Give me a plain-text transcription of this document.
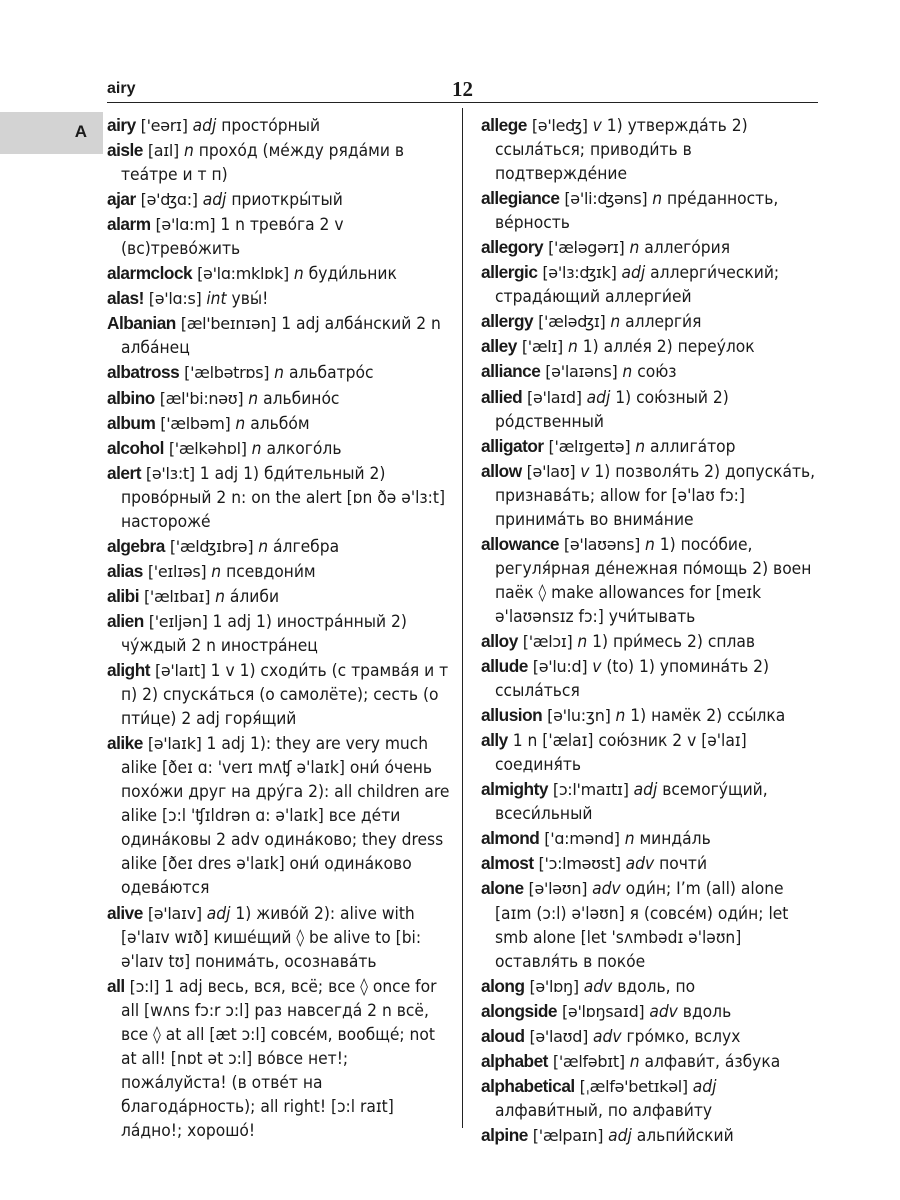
airy	12
A airy ['eərɪ] adj просто́рный

aisle [aɪl] n прохо́д (ме́жду ряда́ми в теа́тре и т п)

ajar [ə'ʤɑ:] adj приоткры́тый

alarm [ə'lɑ:m] 1 n трево́га 2 v (вс)трево́жить

alarmclock [ə'lɑ:mklɒk] n буди́льник

alas! [ə'lɑ:s] int увы́!

Albanian [æl'beɪnɪən] 1 adj алба́нский 2 n алба́нец

albatross ['ælbətrɒs] n альбатро́с

albino [æl'bi:nəʊ] n альбино́с

album ['ælbəm] n альбо́м

alcohol ['ælkəhɒl] n алкого́ль

alert [ə'lɜ:t] 1 adj 1) бди́тельный 2) прово́рный 2 n: on the alert [ɒn ðə ə'lɜ:t] настороже́

algebra ['ælʤɪbrə] n а́лгебра

alias ['eɪlɪəs] n псевдони́м

alibi ['ælɪbaɪ] n а́либи

alien ['eɪljən] 1 adj 1) иностра́нный 2) чу́ждый 2 n иностра́нец

alight [ə'laɪt] 1 v 1) сходи́ть (с трамва́я и т п) 2) спуска́ться (о самолёте); сесть (о пти́це) 2 adj горя́щий

alike [ə'laɪk] 1 adj 1): they are very much alike [ðeɪ ɑ: 'verɪ mʌʧ ə'laɪk] они́ о́чень похо́жи друг на дру́га 2): all children are alike [ɔ:l 'ʧɪldrən ɑ: ə'laɪk] все де́ти одина́ковы 2 adv одина́ково; they dress alike [ðeɪ dres ə'laɪk] они́ одина́ково одева́ются

alive [ə'laɪv] adj 1) живо́й 2): alive with [ə'laɪv wɪð] кише́щий ◊ be alive to [bi: ə'laɪv tʊ] понима́ть, осознава́ть

all [ɔ:l] 1 adj весь, вся, всё; все ◊ once for all [wʌns fɔ:r ɔ:l] раз навсегда́ 2 n всё, все ◊ at all [æt ɔ:l] совсе́м, вообще́; not at all! [nɒt ət ɔ:l] во́все нет!; пожа́луйста! (в отве́т на благода́рность); all right! [ɔ:l raɪt] ла́дно!; хорошо́!

allege [ə'leʤ] v 1) утвержда́ть 2) ссыла́ться; приводи́ть в подтвержде́ние

allegiance [ə'li:ʤəns] n пре́данность, ве́рность

allegory ['ælәgәrɪ] n аллего́рия

allergic [ə'lɜ:ʤɪk] adj аллерги́ческий; страда́ющий аллерги́ей

allergy ['æləʤɪ] n аллерги́я

alley ['ælɪ] n 1) алле́я 2) переу́лок

alliance [ə'laɪəns] n сою́з

allied [ə'laɪd] adj 1) сою́зный 2) ро́дственный

alligator ['ælɪgeɪtə] n аллига́тор

allow [ə'laʊ] v 1) позволя́ть 2) допуска́ть, признава́ть; allow for [ə'laʊ fɔ:] принима́ть во внима́ние

allowance [ə'laʊəns] n 1) посо́бие, регуля́рная де́нежная по́мощь 2) воен паёк ◊ make allowances for [meɪk ə'laʊənsɪz fɔ:] учи́тывать

alloy ['ælɔɪ] n 1) при́месь 2) сплав

allude [ə'lu:d] v (to) 1) упомина́ть 2) ссыла́ться

allusion [ə'lu:ʒn] n 1) намёк 2) ссы́лка

ally 1 n ['ælaɪ] сою́зник 2 v [ə'laɪ] соединя́ть

almighty [ɔ:l'maɪtɪ] adj всемогу́щий, всеси́льный

almond ['ɑ:mənd] n минда́ль

almost ['ɔ:lməʊst] adv почти́

alone [ə'ləʊn] adv оди́н; I’m (all) alone [aɪm (ɔ:l) ə'ləʊn] я (совсе́м) оди́н; let smb alone [let 'sʌmbədɪ ə'ləʊn] оставля́ть в поко́е

along [ə'lɒŋ] adv вдоль, по

alongside [ə'lɒŋsaɪd] adv вдоль

aloud [ə'laʊd] adv гро́мко, вслух

alphabet ['ælfəbɪt] n алфави́т, а́збука

alphabetical [ˌælfə'betɪkəl] adj алфави́тный, по алфави́ту

alpine ['ælpaɪn] adj альпи́йский
